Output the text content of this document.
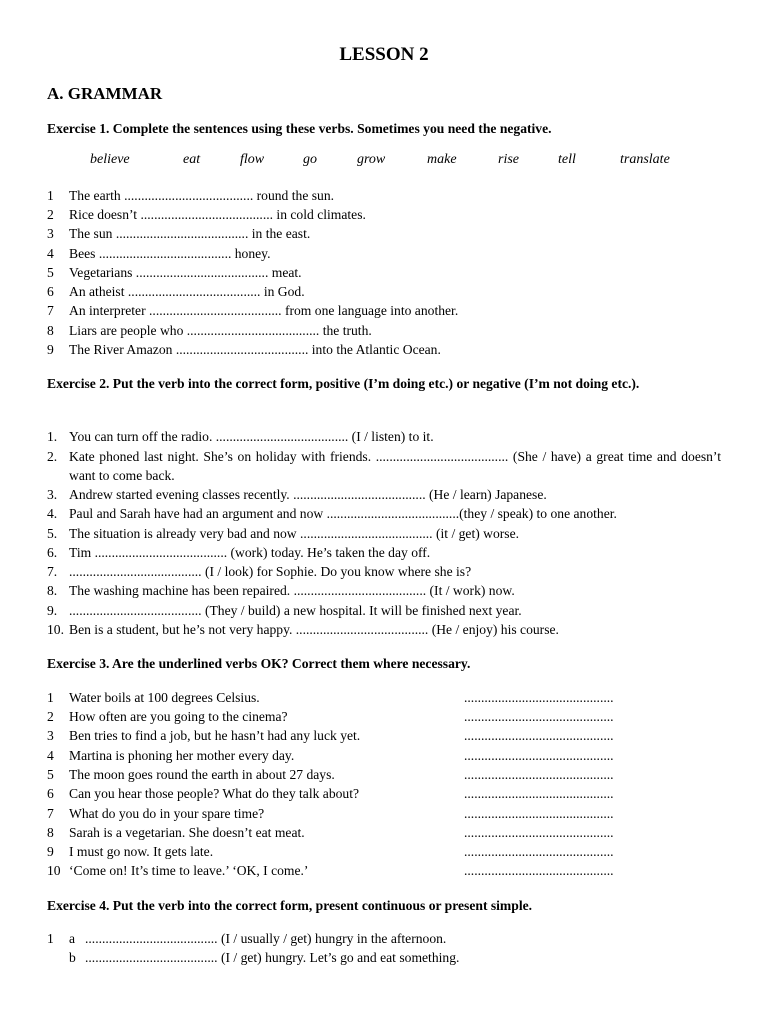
LESSON 2
A. GRAMMAR
Exercise 1. Complete the sentences using these verbs. Sometimes you need the negative.
believe	eat	flow	go	grow	make	rise	tell	translate
1 The earth ...................................... round the sun.
2 Rice doesn’t ....................................... in cold climates.
3 The sun ....................................... in the east.
4 Bees ....................................... honey.
5 Vegetarians ....................................... meat.
6 An atheist ....................................... in God.
7 An interpreter ....................................... from one language into another.
8 Liars are people who ....................................... the truth.
9 The River Amazon ....................................... into the Atlantic Ocean.
Exercise 2. Put the verb into the correct form, positive (I’m doing etc.) or negative (I’m not doing etc.).
1. You can turn off the radio. ....................................... (I / listen) to it.
2. Kate phoned last night. She’s on holiday with friends. ....................................... (She / have) a great time and doesn’t want to come back.
3. Andrew started evening classes recently. ....................................... (He / learn) Japanese.
4. Paul and Sarah have had an argument and now .......................................(they / speak) to one another.
5. The situation is already very bad and now ....................................... (it / get) worse.
6. Tim ....................................... (work) today. He’s taken the day off.
7. ....................................... (I / look) for Sophie. Do you know where she is?
8. The washing machine has been repaired. ....................................... (It / work) now.
9. ....................................... (They / build) a new hospital. It will be finished next year.
10. Ben is a student, but he’s not very happy. ....................................... (He / enjoy) his course.
Exercise 3. Are the underlined verbs OK? Correct them where necessary.
1 Water boils at 100 degrees Celsius.	............................................
2 How often are you going to the cinema?	............................................
3 Ben tries to find a job, but he hasn’t had any luck yet.	............................................
4 Martina is phoning her mother every day.	............................................
5 The moon goes round the earth in about 27 days.	............................................
6 Can you hear those people? What do they talk about?	............................................
7 What do you do in your spare time?	............................................
8 Sarah is a vegetarian. She doesn’t eat meat.	............................................
9 I must go now. It gets late.	............................................
10 ‘Come on! It’s time to leave.’ ‘OK, I come.’	............................................
Exercise 4. Put the verb into the correct form, present continuous or present simple.
1 a ....................................... (I / usually / get) hungry in the afternoon.
b ....................................... (I / get) hungry. Let’s go and eat something.
